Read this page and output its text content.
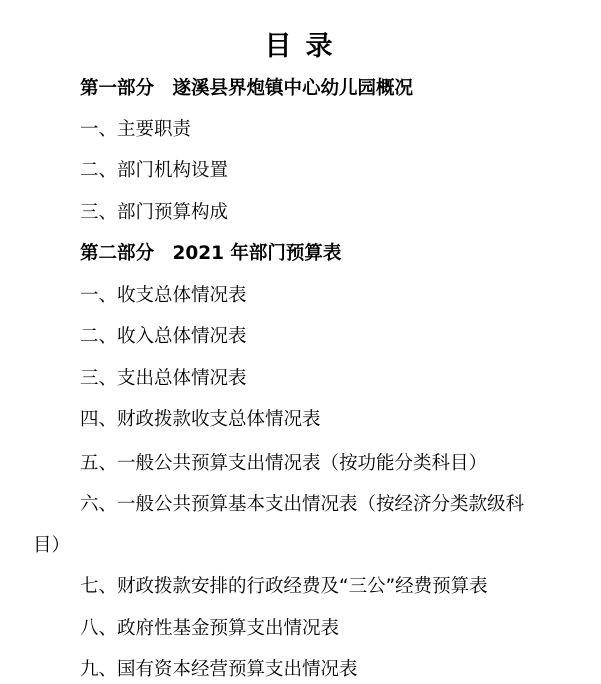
目录
第一部分　遂溪县界炮镇中心幼儿园概况
一、主要职责
二、部门机构设置
三、部门预算构成
第二部分　2021 年部门预算表
一、收支总体情况表
二、收入总体情况表
三、支出总体情况表
四、财政拨款收支总体情况表
五、一般公共预算支出情况表（按功能分类科目）
六、一般公共预算基本支出情况表（按经济分类款级科
目）
七、财政拨款安排的行政经费及“三公”经费预算表
八、政府性基金预算支出情况表
九、国有资本经营预算支出情况表
